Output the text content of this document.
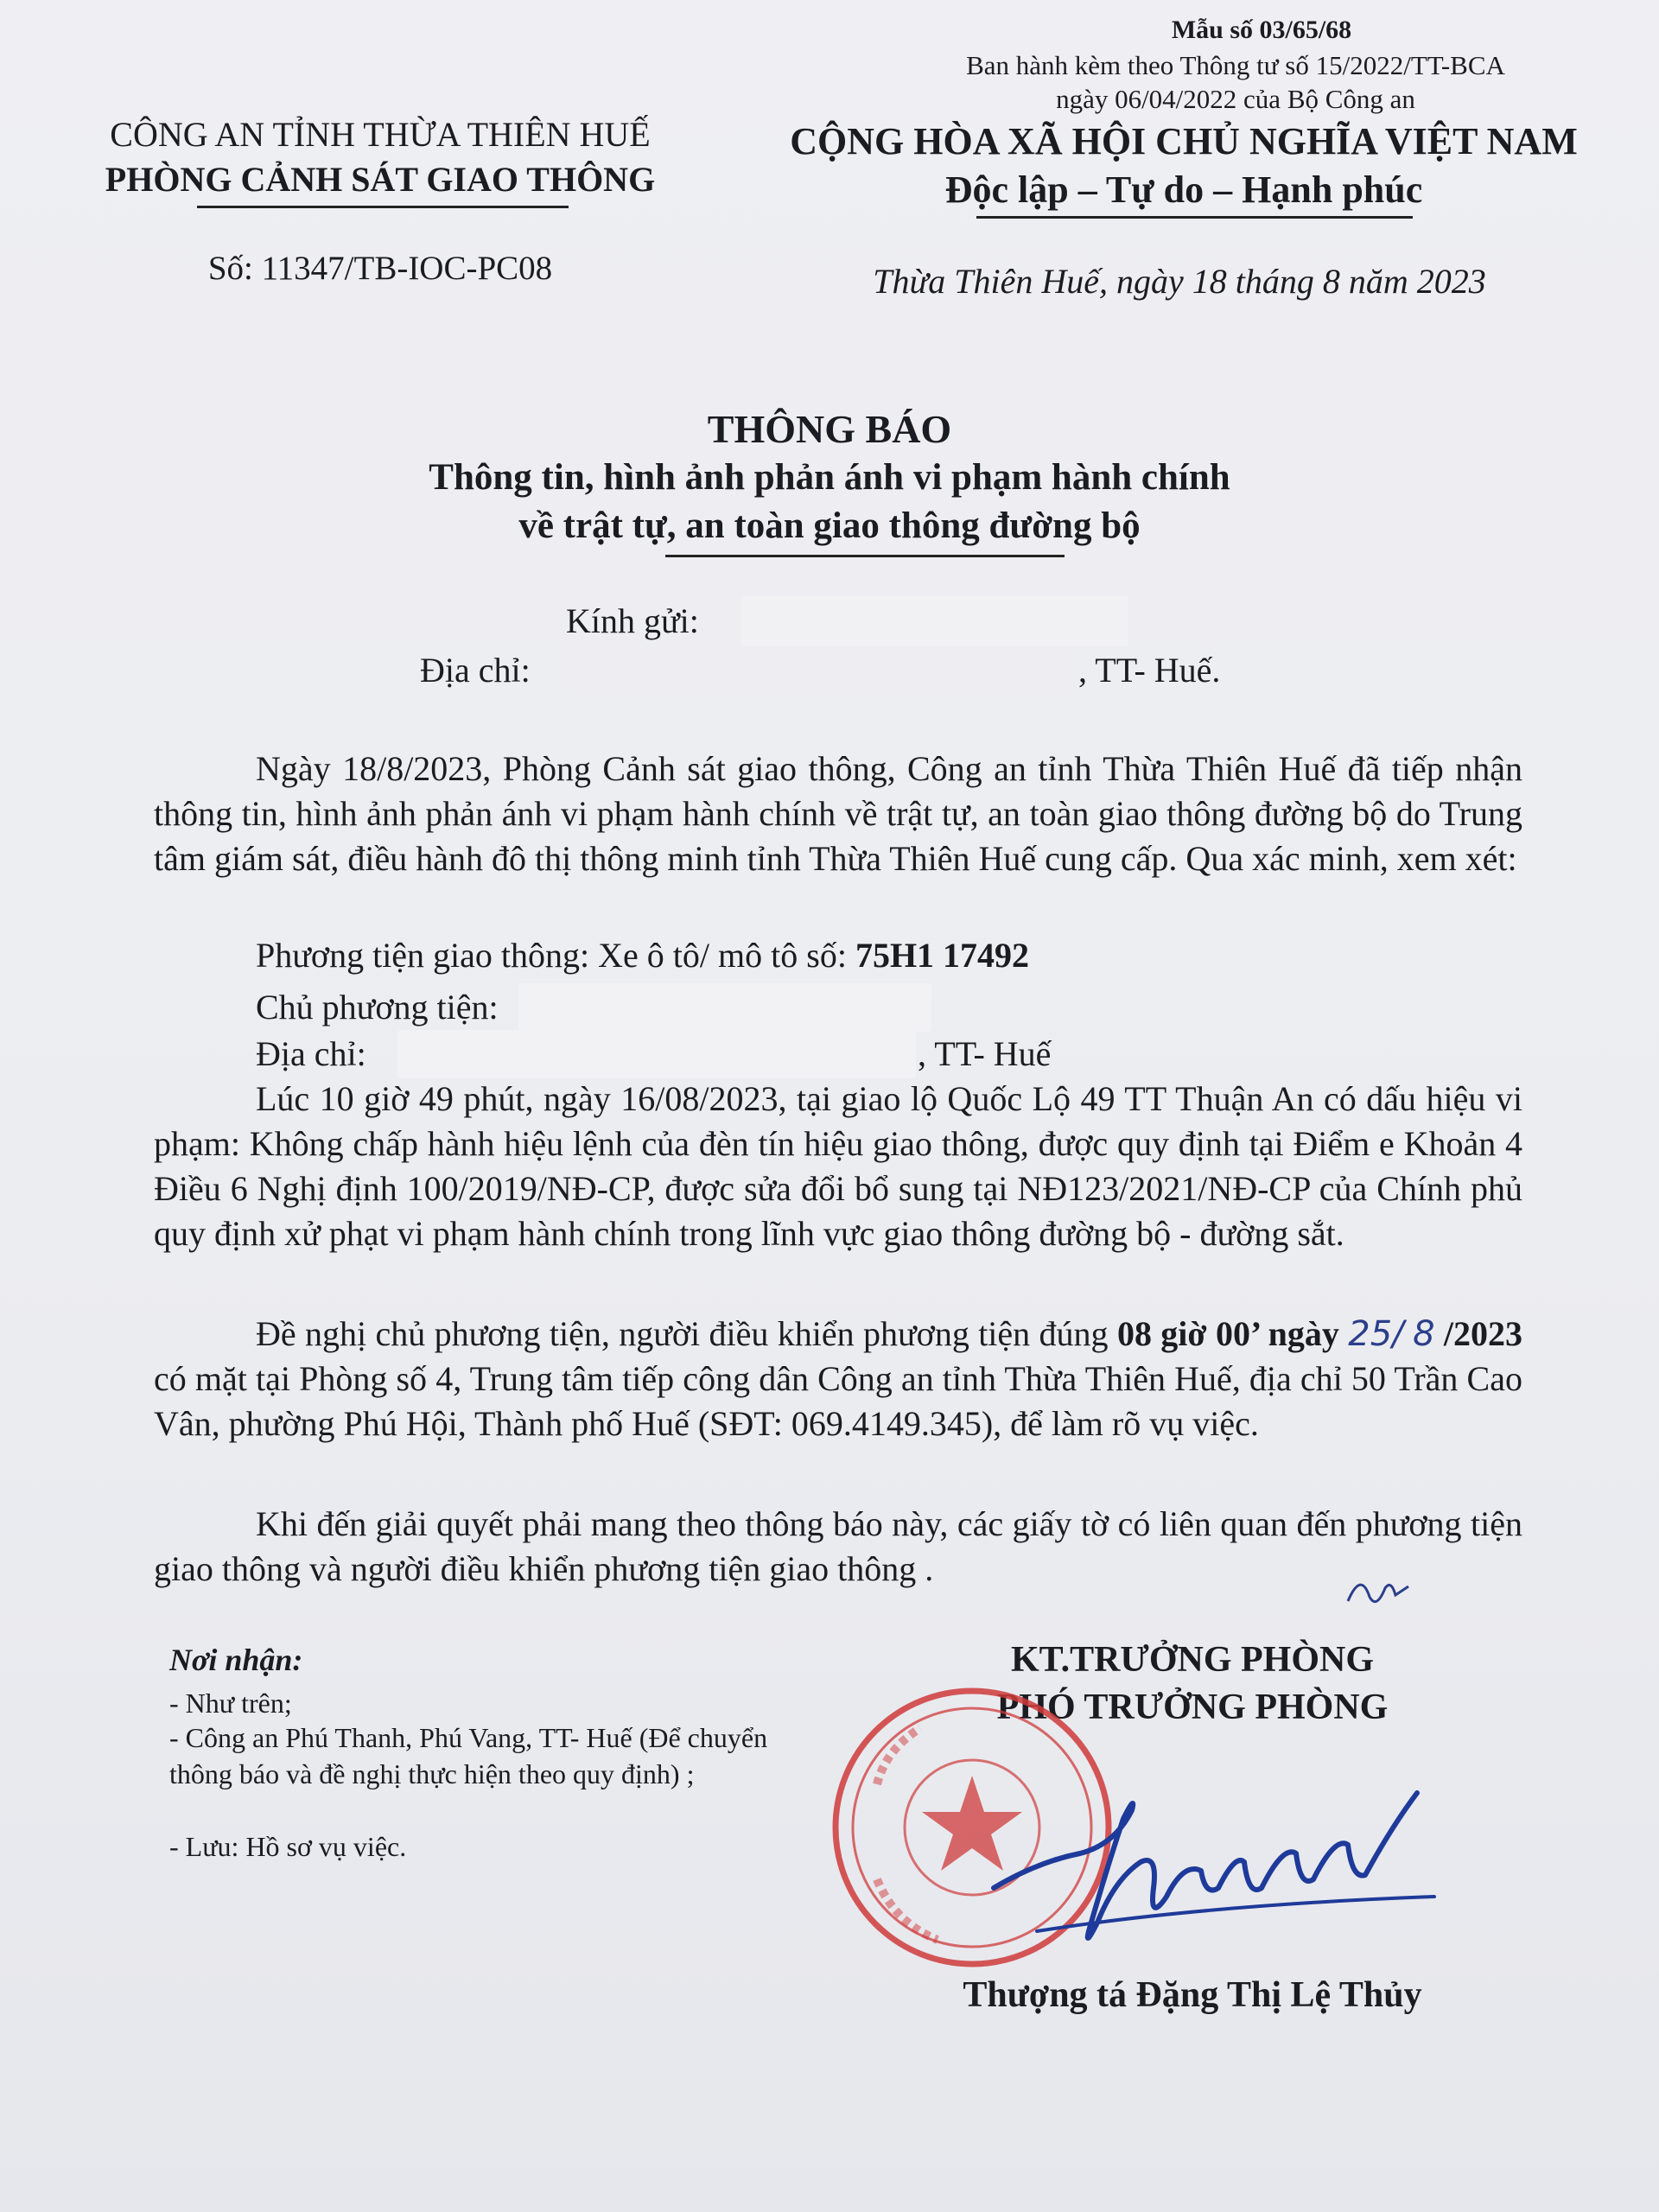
Mẫu số 03/65/68
Ban hành kèm theo Thông tư số 15/2022/TT-BCA
ngày 06/04/2022 của Bộ Công an
CÔNG AN TỈNH THỪA THIÊN HUẾ
PHÒNG CẢNH SÁT GIAO THÔNG
Số: 11347/TB-IOC-PC08
CỘNG HÒA XÃ HỘI CHỦ NGHĨA VIỆT NAM
Độc lập – Tự do – Hạnh phúc
Thừa Thiên Huế, ngày 18 tháng 8 năm 2023
THÔNG BÁO
Thông tin, hình ảnh phản ánh vi phạm hành chính
về trật tự, an toàn giao thông đường bộ
Kính gửi:
Địa chỉ:	, TT- Huế.
Ngày 18/8/2023, Phòng Cảnh sát giao thông, Công an tỉnh Thừa Thiên Huế đã tiếp nhận thông tin, hình ảnh phản ánh vi phạm hành chính về trật tự, an toàn giao thông đường bộ do Trung tâm giám sát, điều hành đô thị thông minh tỉnh Thừa Thiên Huế cung cấp. Qua xác minh, xem xét:
Phương tiện giao thông: Xe ô tô/ mô tô số: 75H1 17492
Chủ phương tiện:
Địa chỉ:	, TT- Huế
Lúc 10 giờ 49 phút, ngày 16/08/2023, tại giao lộ Quốc Lộ 49 TT Thuận An có dấu hiệu vi phạm: Không chấp hành hiệu lệnh của đèn tín hiệu giao thông, được quy định tại Điểm e Khoản 4 Điều 6 Nghị định 100/2019/NĐ-CP, được sửa đổi bổ sung tại NĐ123/2021/NĐ-CP của Chính phủ quy định xử phạt vi phạm hành chính trong lĩnh vực giao thông đường bộ - đường sắt.
Đề nghị chủ phương tiện, người điều khiển phương tiện đúng 08 giờ 00’ ngày 25/ 8 /2023 có mặt tại Phòng số 4, Trung tâm tiếp công dân Công an tỉnh Thừa Thiên Huế, địa chỉ 50 Trần Cao Vân, phường Phú Hội, Thành phố Huế (SĐT: 069.4149.345), để làm rõ vụ việc.
Khi đến giải quyết phải mang theo thông báo này, các giấy tờ có liên quan đến phương tiện giao thông và người điều khiển phương tiện giao thông .
Nơi nhận:
- Như trên;
- Công an Phú Thanh, Phú Vang, TT- Huế (Để chuyển thông báo và đề nghị thực hiện theo quy định) ;
- Lưu: Hồ sơ vụ việc.
KT.TRƯỞNG PHÒNG
PHÓ TRƯỞNG PHÒNG
Thượng tá Đặng Thị Lệ Thủy
